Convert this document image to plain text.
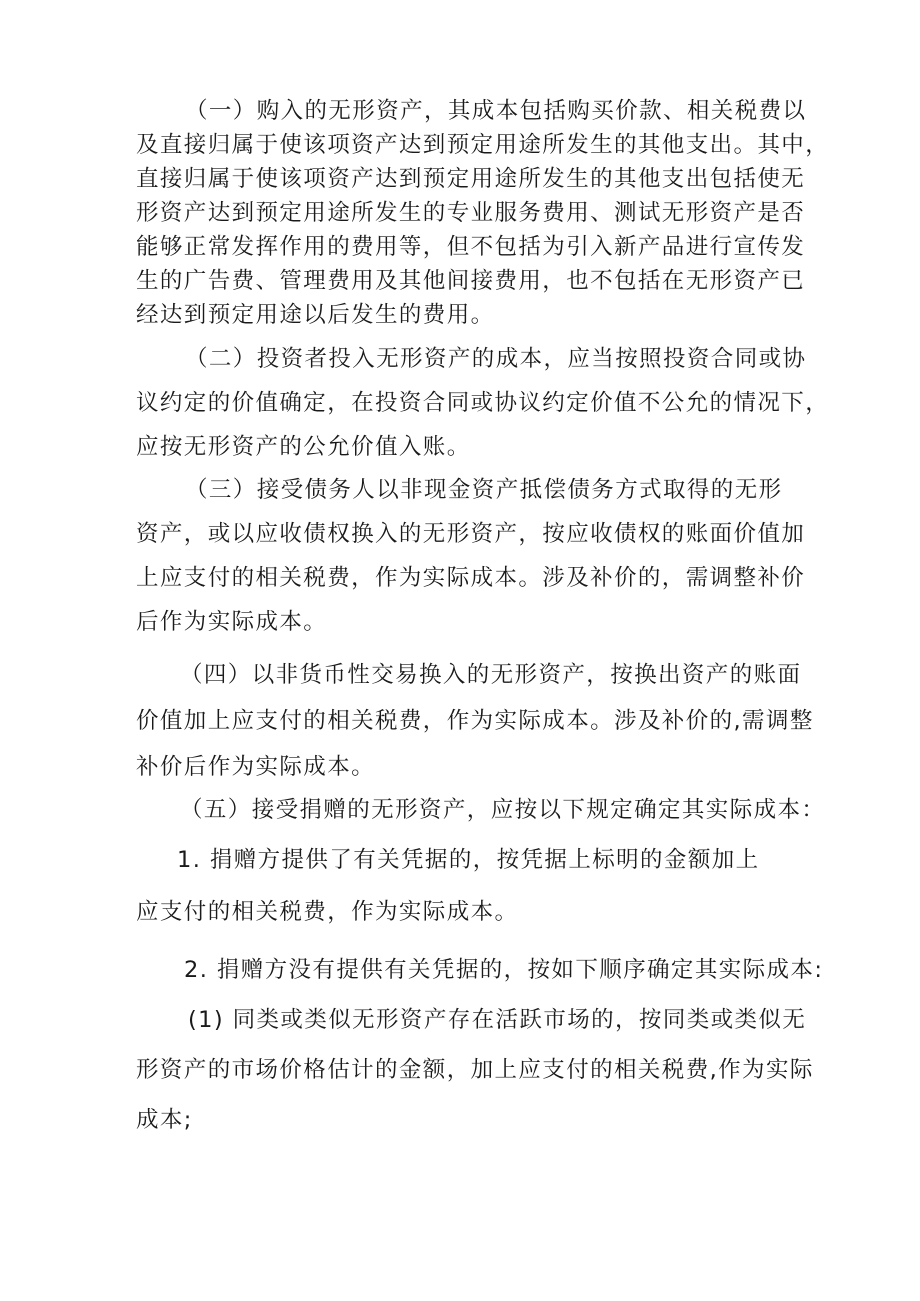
（一）购入的无形资产，其成本包括购买价款、相关税费以

及直接归属于使该项资产达到预定用途所发生的其他支出。其中，

直接归属于使该项资产达到预定用途所发生的其他支出包括使无

形资产达到预定用途所发生的专业服务费用、测试无形资产是否

能够正常发挥作用的费用等，但不包括为引入新产品进行宣传发

生的广告费、管理费用及其他间接费用，也不包括在无形资产已

经达到预定用途以后发生的费用。

（二）投资者投入无形资产的成本，应当按照投资合同或协

议约定的价值确定，在投资合同或协议约定价值不公允的情况下，

应按无形资产的公允价值入账。

（三）接受债务人以非现金资产抵偿债务方式取得的无形

资产，或以应收债权换入的无形资产，按应收债权的账面价值加

上应支付的相关税费，作为实际成本。涉及补价的，需调整补价

后作为实际成本。

（四）以非货币性交易换入的无形资产，按换出资产的账面

价值加上应支付的相关税费，作为实际成本。涉及补价的,需调整

补价后作为实际成本。

（五）接受捐赠的无形资产，应按以下规定确定其实际成本：

1. 捐赠方提供了有关凭据的，按凭据上标明的金额加上

应支付的相关税费，作为实际成本。

2. 捐赠方没有提供有关凭据的，按如下顺序确定其实际成本:

(1) 同类或类似无形资产存在活跃市场的，按同类或类似无

形资产的市场价格估计的金额，加上应支付的相关税费,作为实际

成本;
